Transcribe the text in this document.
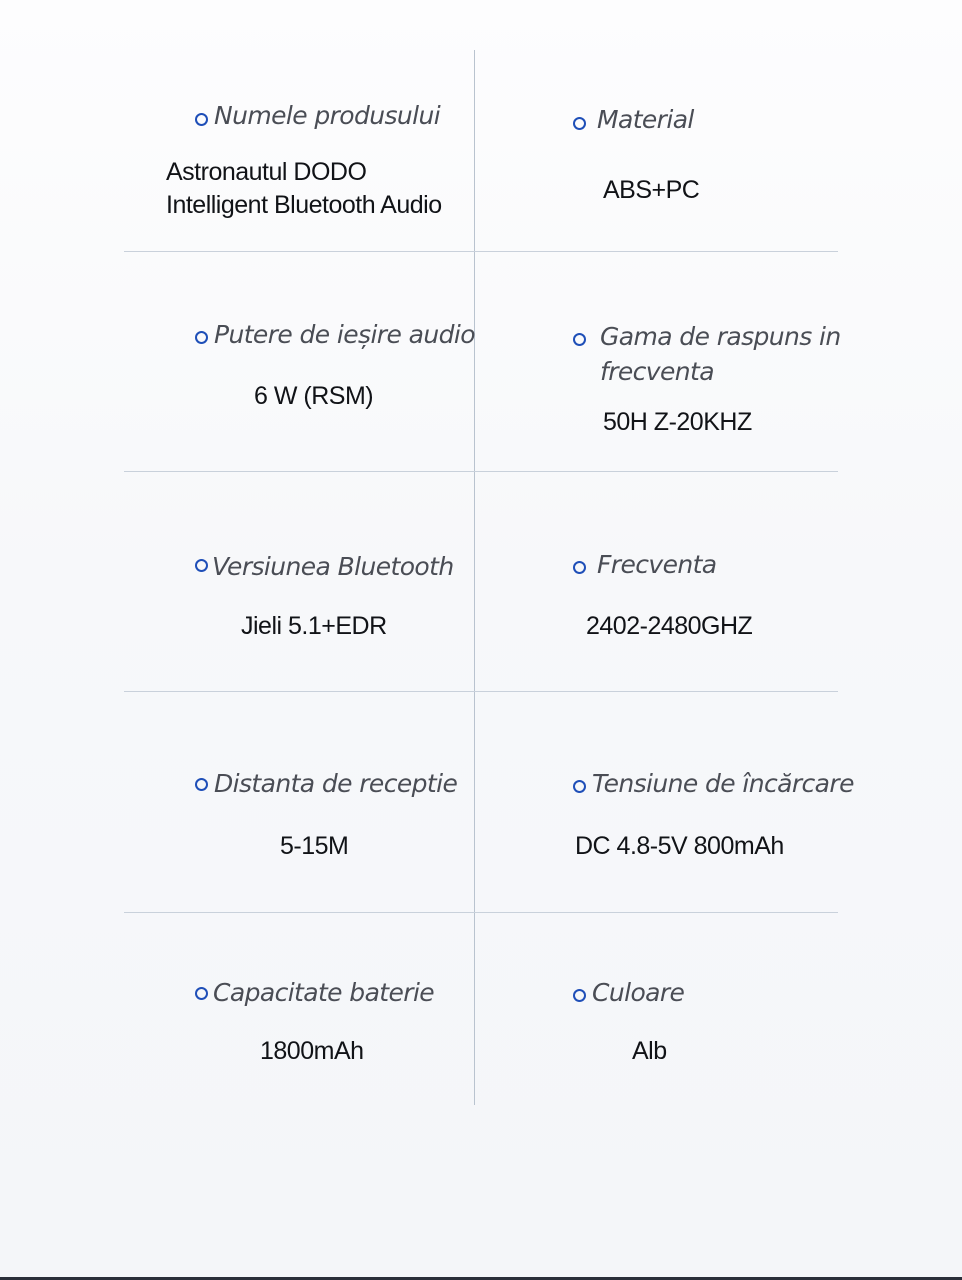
Numele produsului
Astronautul DODO
Intelligent Bluetooth Audio
Material
ABS+PC
Putere de ieșire audio
6 W (RSM)
Gama de raspuns in frecventa
50H Z-20KHZ
Versiunea Bluetooth
Jieli 5.1+EDR
Frecventa
2402-2480GHZ
Distanta de receptie
5-15M
Tensiune de încărcare
DC 4.8-5V 800mAh
Capacitate baterie
1800mAh
Culoare
Alb
